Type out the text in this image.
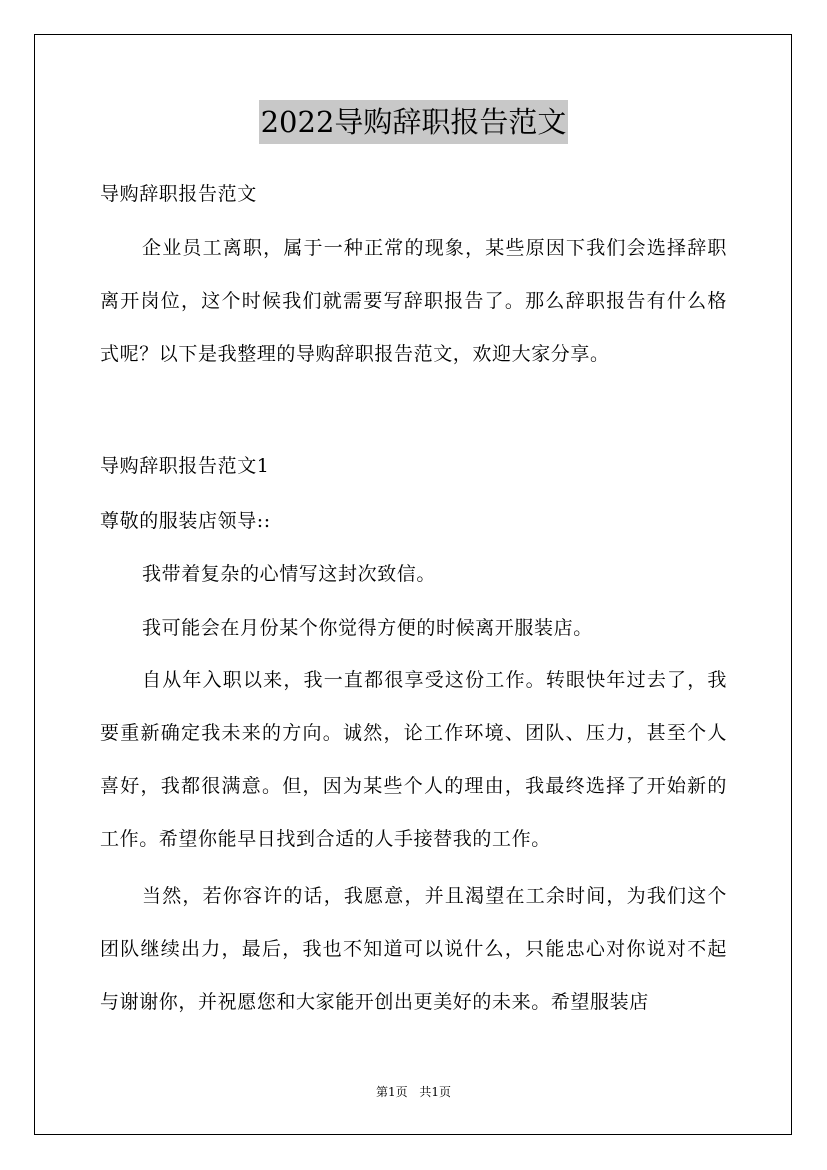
2022导购辞职报告范文

导购辞职报告范文

企业员工离职，属于一种正常的现象，某些原因下我们会选择辞职离开岗位，这个时候我们就需要写辞职报告了。那么辞职报告有什么格式呢？以下是我整理的导购辞职报告范文，欢迎大家分享。

导购辞职报告范文1

尊敬的服装店领导::

我带着复杂的心情写这封次致信。

我可能会在月份某个你觉得方便的时候离开服装店。

自从年入职以来，我一直都很享受这份工作。转眼快年过去了，我要重新确定我未来的方向。诚然，论工作环境、团队、压力，甚至个人喜好，我都很满意。但，因为某些个人的理由，我最终选择了开始新的工作。希望你能早日找到合适的人手接替我的工作。

当然，若你容许的话，我愿意，并且渴望在工余时间，为我们这个团队继续出力，最后，我也不知道可以说什么，只能忠心对你说对不起与谢谢你，并祝愿您和大家能开创出更美好的未来。希望服装店

第1页 共1页
